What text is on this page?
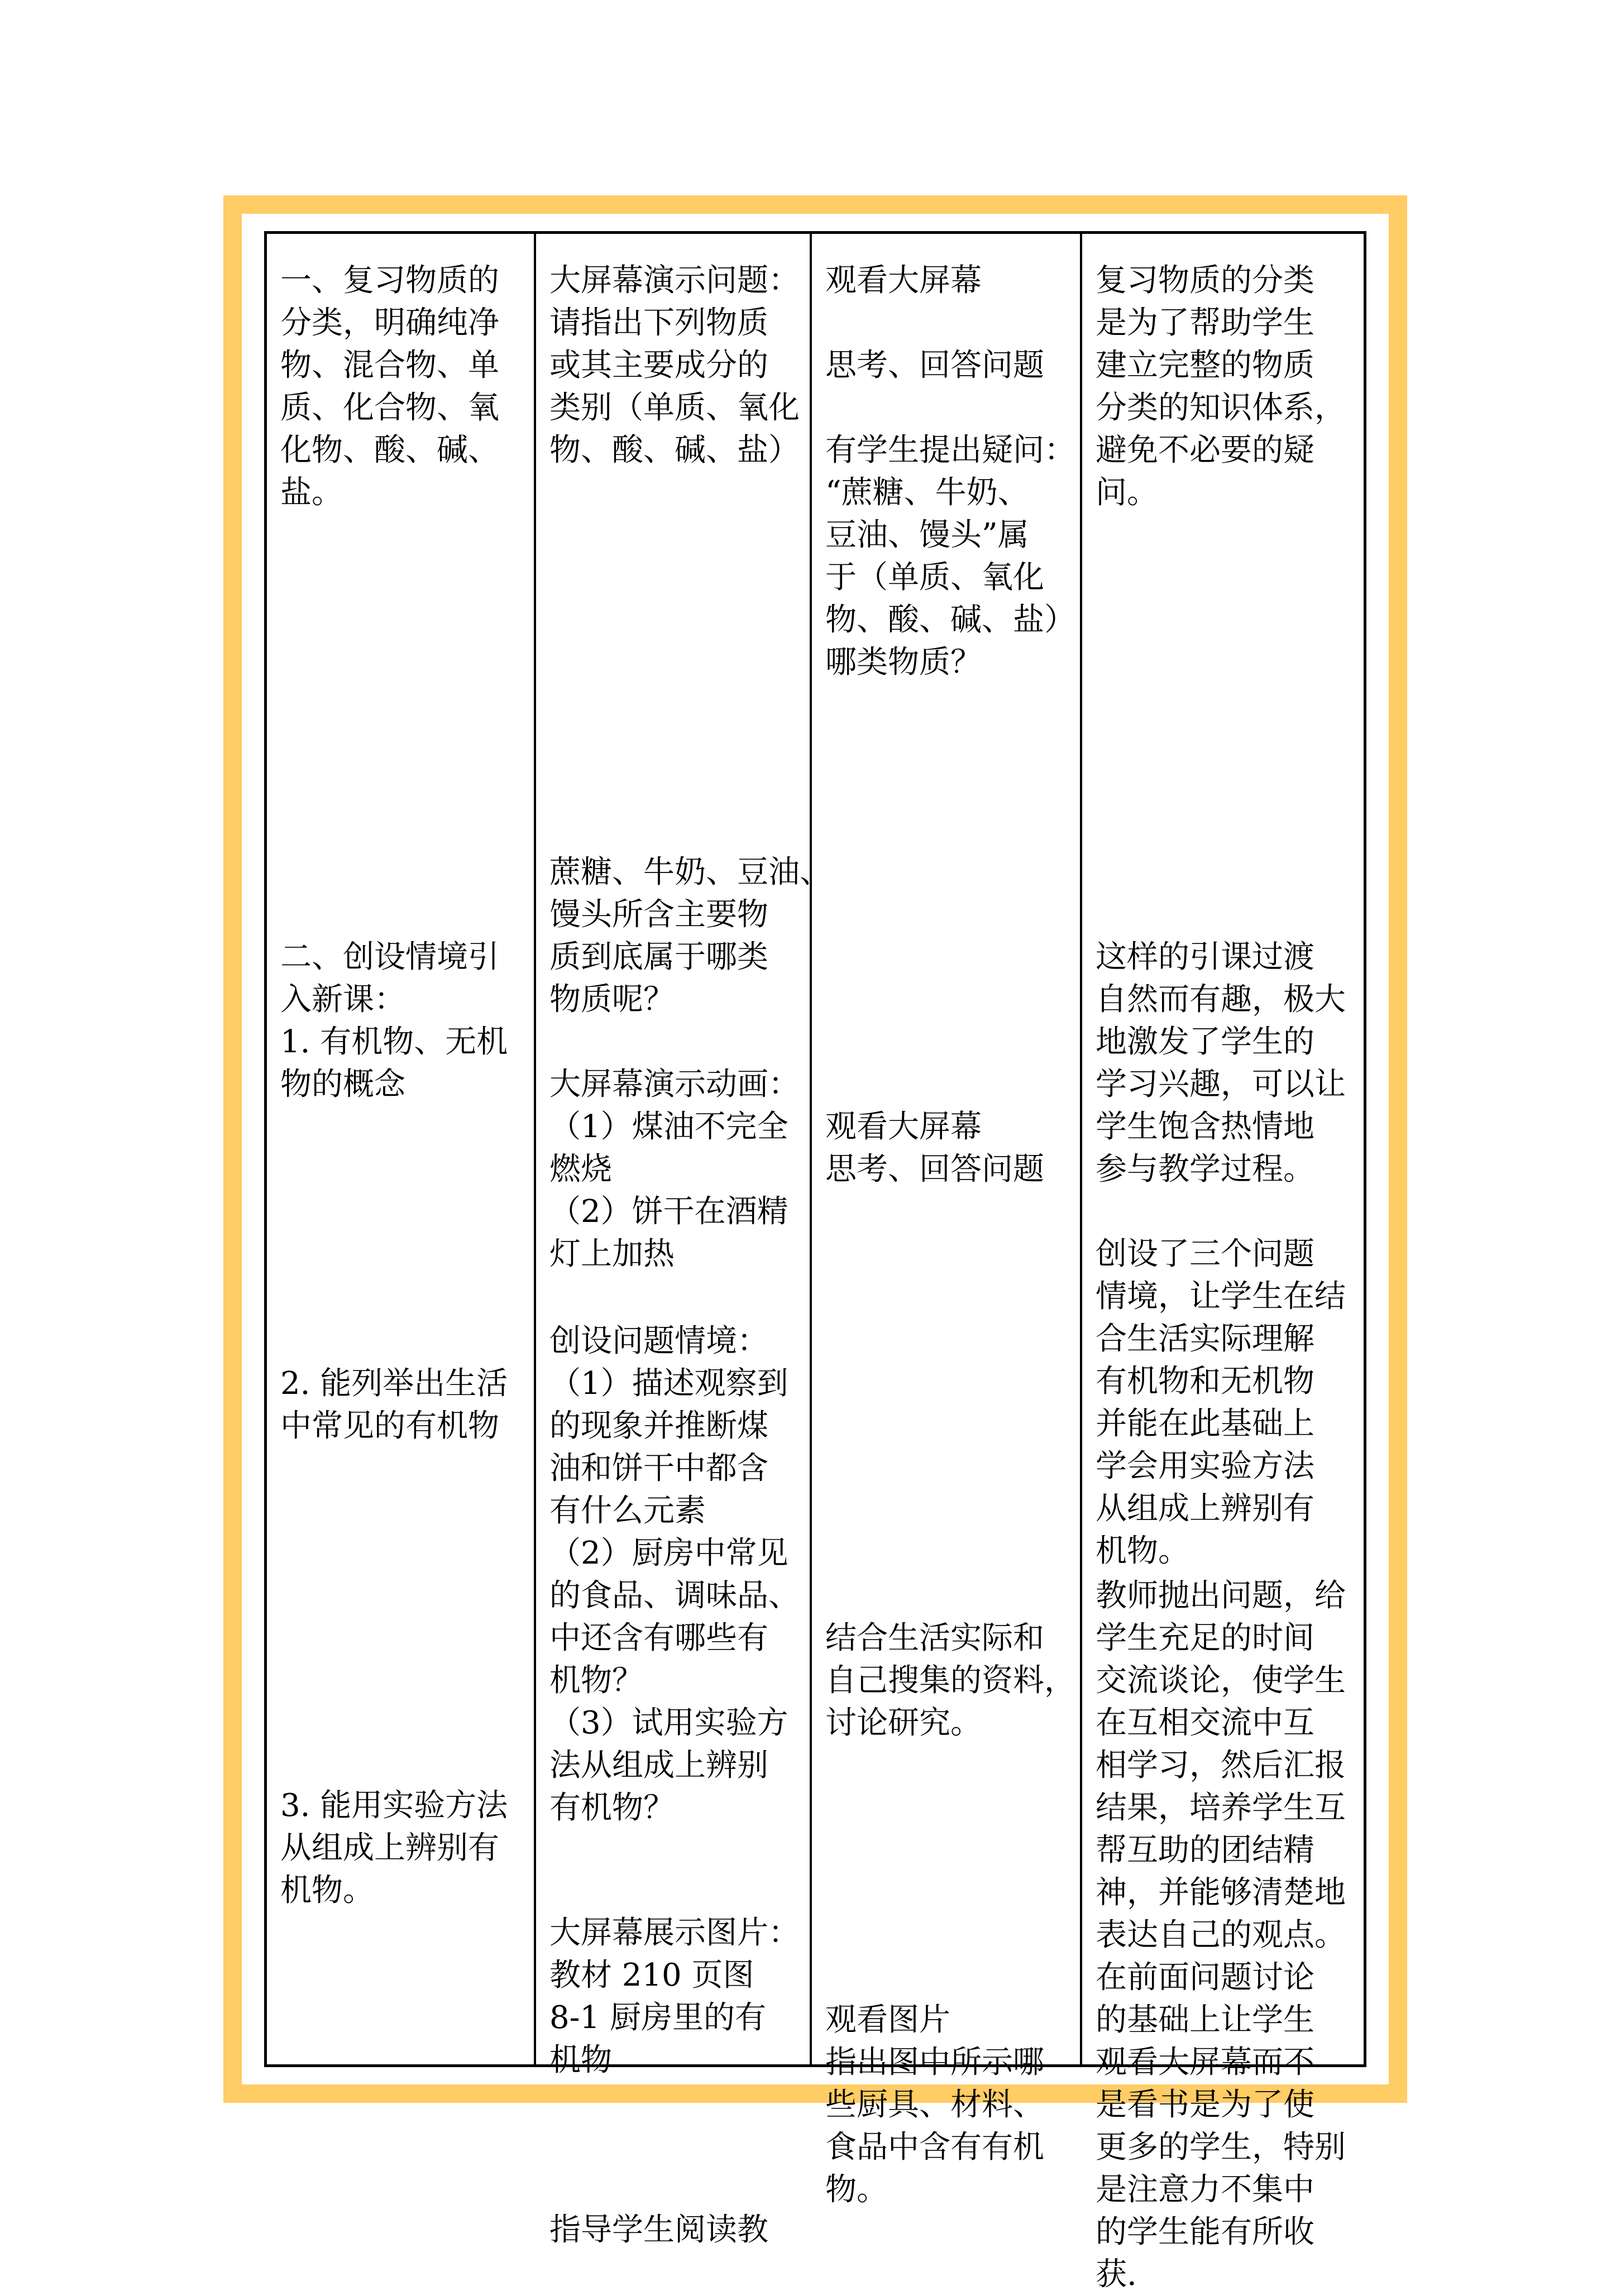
一、复习物质的
分类，明确纯净
物、混合物、单
质、化合物、氧
化物、酸、碱、
盐。
二、创设情境引
入新课：
1. 有机物、无机
物的概念
2. 能列举出生活
中常见的有机物
3. 能用实验方法
从组成上辨别有
机物。
大屏幕演示问题：
请指出下列物质
或其主要成分的
类别（单质、氧化
物、酸、碱、盐）
蔗糖、牛奶、豆油、
馒头所含主要物
质到底属于哪类
物质呢？
大屏幕演示动画：
（1）煤油不完全
燃烧
（2）饼干在酒精
灯上加热
创设问题情境：
（1）描述观察到
的现象并推断煤
油和饼干中都含
有什么元素
（2）厨房中常见
的食品、调味品、
中还含有哪些有
机物？
（3）试用实验方
法从组成上辨别
有机物？
大屏幕展示图片：
教材 210 页图
8-1 厨房里的有
机物
指导学生阅读教
观看大屏幕
思考、回答问题
有学生提出疑问：
“蔗糖、牛奶、
豆油、馒头”属
于（单质、氧化
物、酸、碱、盐）
哪类物质？
观看大屏幕
思考、回答问题
结合生活实际和
自己搜集的资料，
讨论研究。
观看图片
指出图中所示哪
些厨具、材料、
食品中含有有机
物。
复习物质的分类
是为了帮助学生
建立完整的物质
分类的知识体系，
避免不必要的疑
问。
这样的引课过渡
自然而有趣，极大
地激发了学生的
学习兴趣，可以让
学生饱含热情地
参与教学过程。
创设了三个问题
情境，让学生在结
合生活实际理解
有机物和无机物
并能在此基础上
学会用实验方法
从组成上辨别有
机物。
教师抛出问题，给
学生充足的时间
交流谈论，使学生
在互相交流中互
相学习，然后汇报
结果，培养学生互
帮互助的团结精
神，并能够清楚地
表达自己的观点。
在前面问题讨论
的基础上让学生
观看大屏幕而不
是看书是为了使
更多的学生，特别
是注意力不集中
的学生能有所收
获.
